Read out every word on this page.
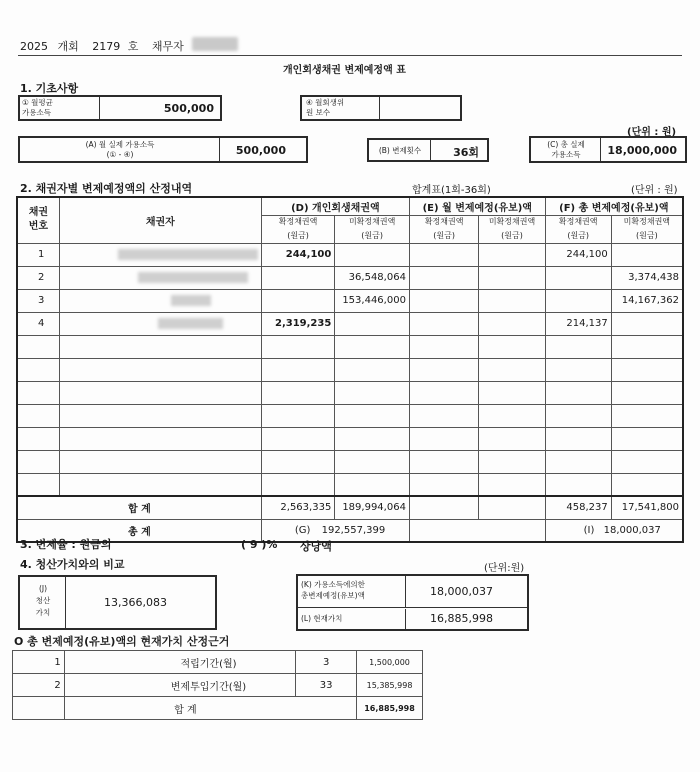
2025 개회 2179 호 채무자
개인회생채권 변제예정액 표
1. 기초사항
① 월평균
가용소득	500,000	④ 월회생위
원 보수
(단위 : 원)
(A) 월 실제 가용소득
(① - ④)	500,000	(B) 변제횟수	36회
(C) 총 실제
가용소득	18,000,000
2. 채권자별 변제예정액의 산정내역	합계표(1회-36회)	(단위 : 원)
채권
번호	채권자	(D) 개인회생채권액		(E) 월 변제예정(유보)액		(F) 총 변제예정(유보)액	
		확정채권액	미확정채권액	확정채권액	미확정채권액	확정채권액	미확정채권액
		(원금)	(원금)	(원금)	(원금)	(원금)	(원금)
1		244,100				244,100	
2			36,548,064				3,374,438
3			153,446,000				14,167,362
4		2,319,235				214,137	

합 계		2,563,335	189,994,064			458,237	17,541,800
총 계		(G) 192,557,399				(I) 18,000,037	
3. 변제율 : 원금의	( 9 )% 상당액
4. 청산가치와의 비교	(단위:원)
(J)
청산
가치
13,366,083
(K) 가용소득에의한
총변제예정(유보)액	18,000,037
(L) 현재가치	16,885,998
O 총 변제예정(유보)액의 현재가치 산정근거
1	적립기간(월)	3	1,500,000
2	변제투입기간(월)	33	15,385,998
	합 계		16,885,998
